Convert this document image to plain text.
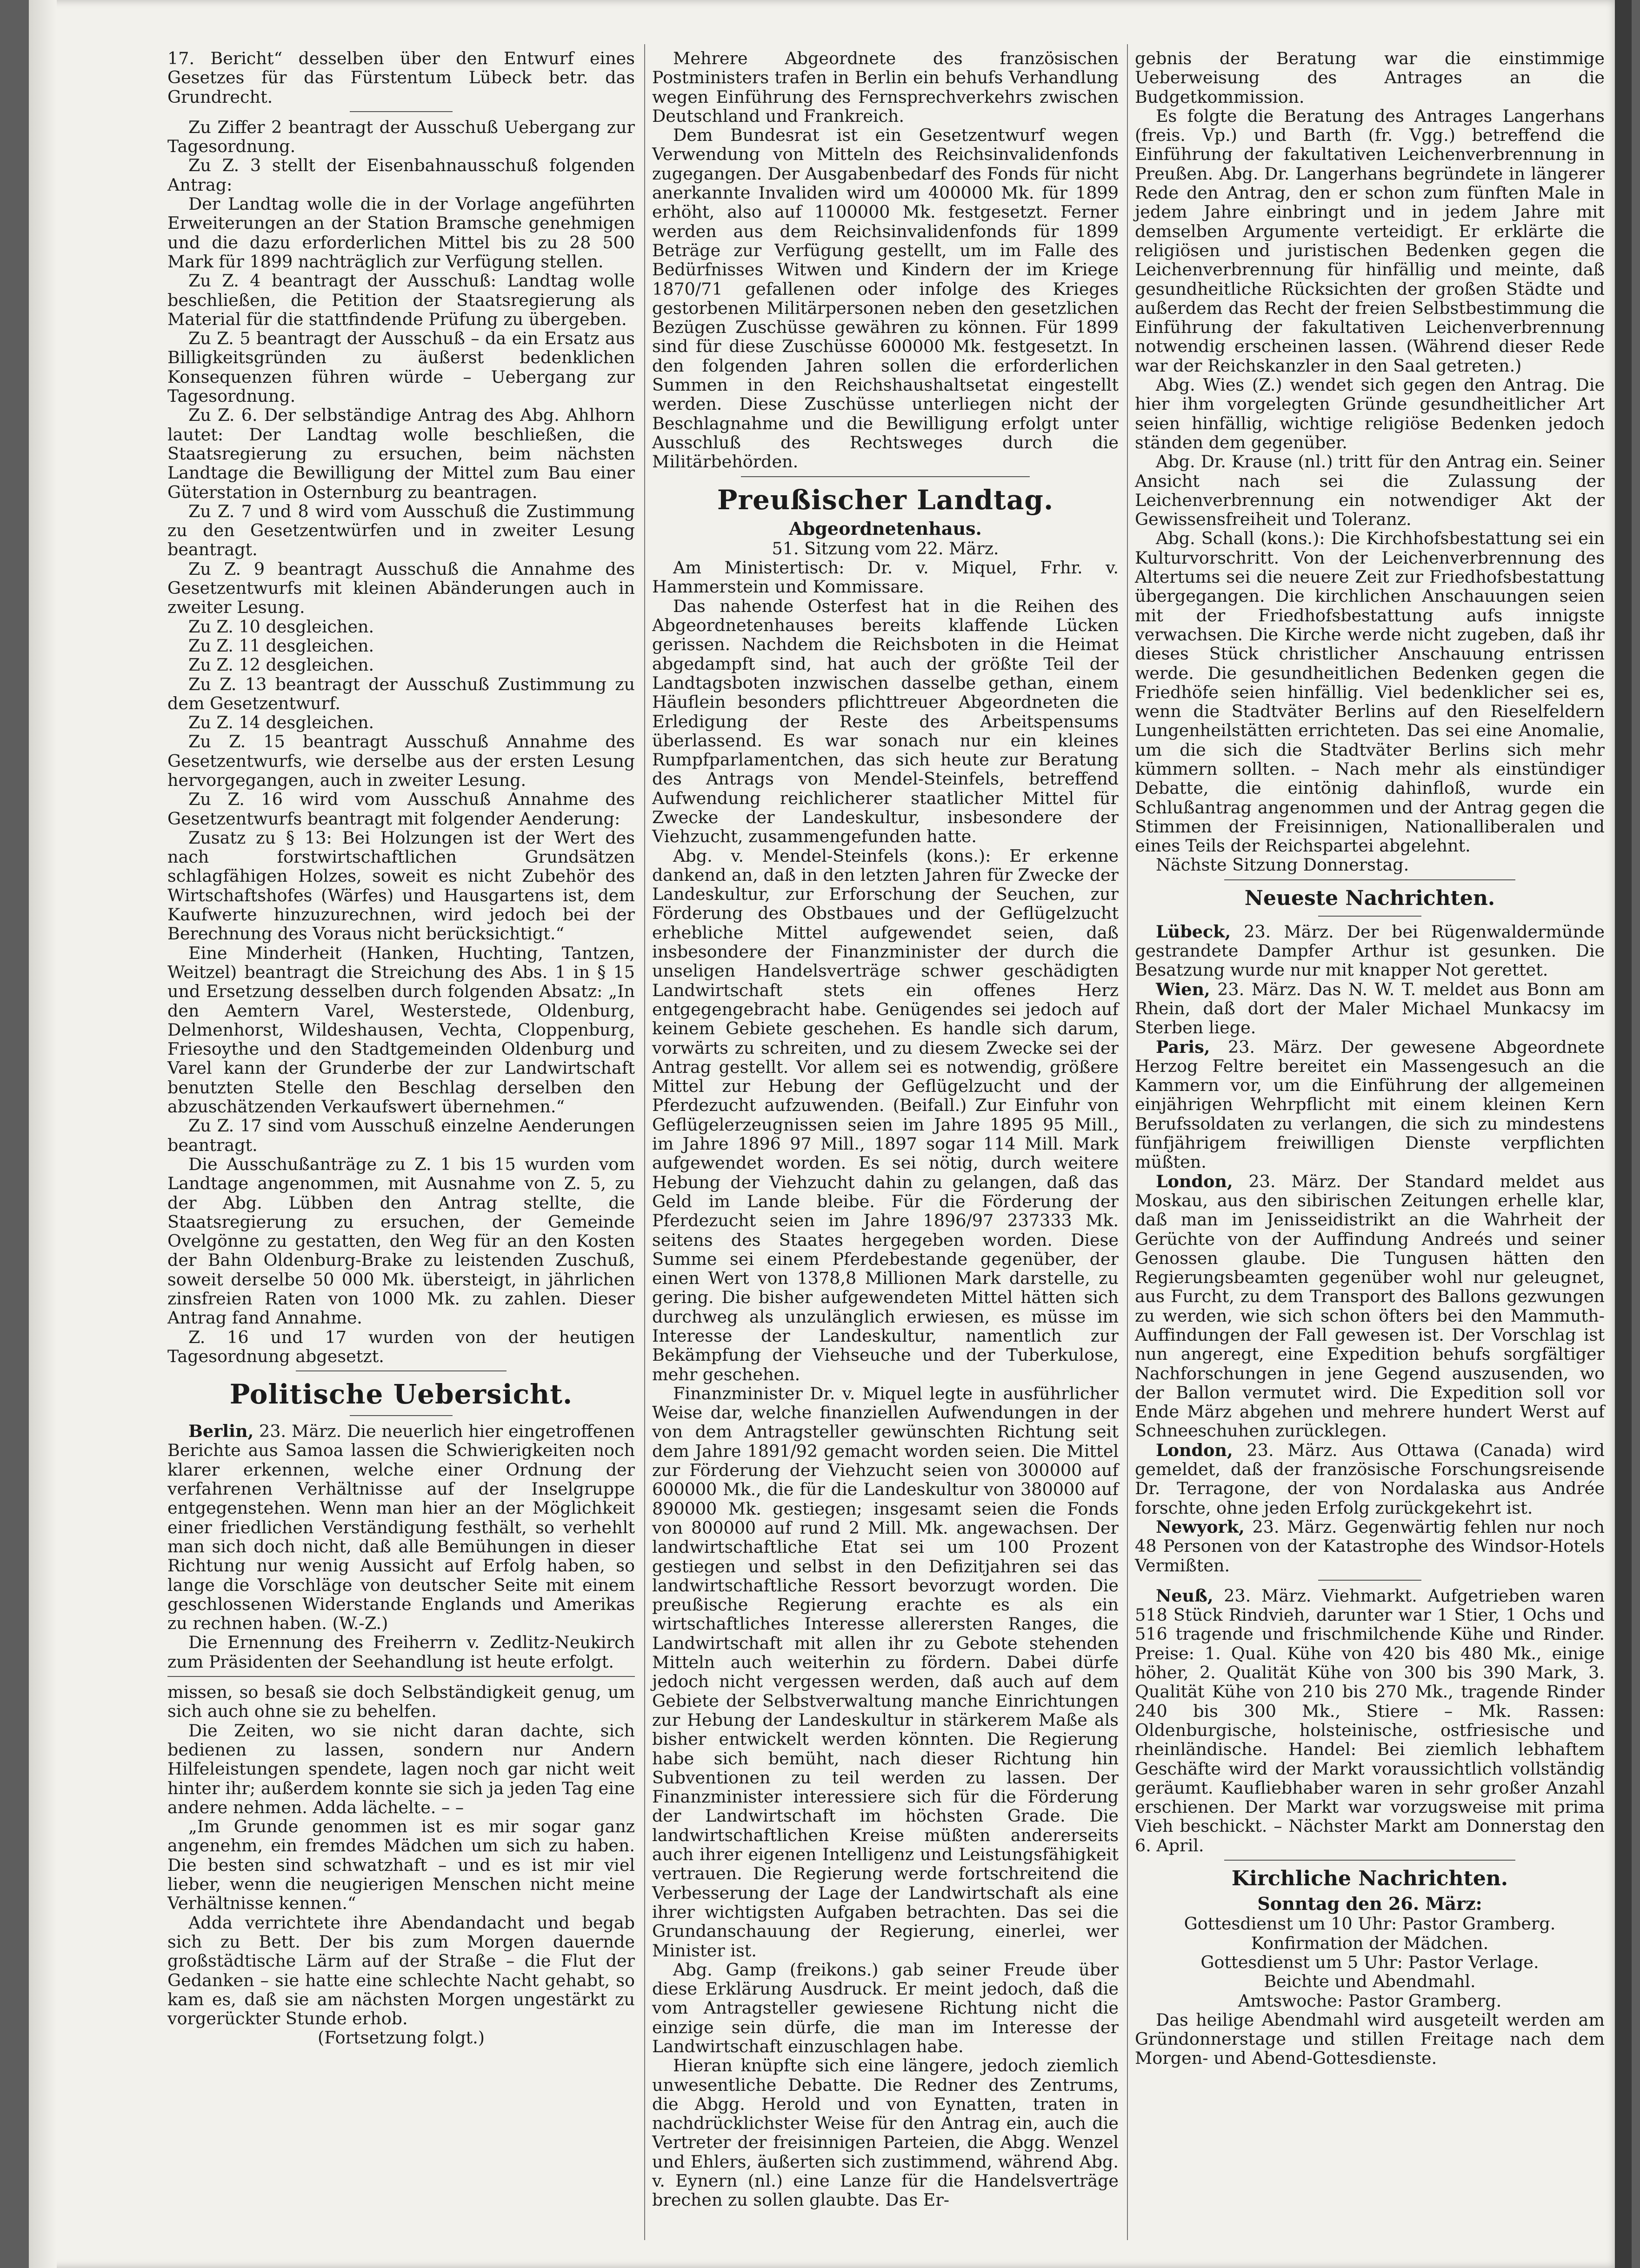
17. Bericht“ desselben über den Entwurf eines Gesetzes für das Fürstentum Lübeck betr. das Grundrecht.

Zu Ziffer 2 beantragt der Ausschuß Uebergang zur Tagesordnung.

Zu Z. 3 stellt der Eisenbahnausschuß folgenden Antrag:

Der Landtag wolle die in der Vorlage angeführten Erweiterungen an der Station Bramsche genehmigen und die dazu erforderlichen Mittel bis zu 28 500 Mark für 1899 nachträglich zur Verfügung stellen.

Zu Z. 4 beantragt der Ausschuß: Landtag wolle beschließen, die Petition der Staatsregierung als Material für die stattfindende Prüfung zu übergeben.

Zu Z. 5 beantragt der Ausschuß – da ein Ersatz aus Billigkeitsgründen zu äußerst bedenklichen Konsequenzen führen würde – Uebergang zur Tagesordnung.

Zu Z. 6. Der selbständige Antrag des Abg. Ahlhorn lautet: Der Landtag wolle beschließen, die Staatsregierung zu ersuchen, beim nächsten Landtage die Bewilligung der Mittel zum Bau einer Güterstation in Osternburg zu beantragen.

Zu Z. 7 und 8 wird vom Ausschuß die Zustimmung zu den Gesetzentwürfen und in zweiter Lesung beantragt.

Zu Z. 9 beantragt Ausschuß die Annahme des Gesetzentwurfs mit kleinen Abänderungen auch in zweiter Lesung.

Zu Z. 10 desgleichen.

Zu Z. 11 desgleichen.

Zu Z. 12 desgleichen.

Zu Z. 13 beantragt der Ausschuß Zustimmung zu dem Gesetzentwurf.

Zu Z. 14 desgleichen.

Zu Z. 15 beantragt Ausschuß Annahme des Gesetzentwurfs, wie derselbe aus der ersten Lesung hervorgegangen, auch in zweiter Lesung.

Zu Z. 16 wird vom Ausschuß Annahme des Gesetzentwurfs beantragt mit folgender Aenderung:

Zusatz zu § 13: Bei Holzungen ist der Wert des nach forstwirtschaftlichen Grundsätzen schlagfähigen Holzes, soweit es nicht Zubehör des Wirtschaftshofes (Wärfes) und Hausgartens ist, dem Kaufwerte hinzuzurechnen, wird jedoch bei der Berechnung des Voraus nicht berücksichtigt.“

Eine Minderheit (Hanken, Huchting, Tantzen, Weitzel) beantragt die Streichung des Abs. 1 in § 15 und Ersetzung desselben durch folgenden Absatz: „In den Aemtern Varel, Westerstede, Oldenburg, Delmenhorst, Wildeshausen, Vechta, Cloppenburg, Friesoythe und den Stadtgemeinden Oldenburg und Varel kann der Grunderbe der zur Landwirtschaft benutzten Stelle den Beschlag derselben den abzuschätzenden Verkaufswert übernehmen.“

Zu Z. 17 sind vom Ausschuß einzelne Aenderungen beantragt.

Die Ausschußanträge zu Z. 1 bis 15 wurden vom Landtage angenommen, mit Ausnahme von Z. 5, zu der Abg. Lübben den Antrag stellte, die Staatsregierung zu ersuchen, der Gemeinde Ovelgönne zu gestatten, den Weg für an den Kosten der Bahn Oldenburg-Brake zu leistenden Zuschuß, soweit derselbe 50 000 Mk. übersteigt, in jährlichen zinsfreien Raten von 1000 Mk. zu zahlen. Dieser Antrag fand Annahme.

Z. 16 und 17 wurden von der heutigen Tagesordnung abgesetzt.

Politische Uebersicht.

Berlin, 23. März. Die neuerlich hier eingetroffenen Berichte aus Samoa lassen die Schwierigkeiten noch klarer erkennen, welche einer Ordnung der verfahrenen Verhältnisse auf der Inselgruppe entgegenstehen. Wenn man hier an der Möglichkeit einer friedlichen Verständigung festhält, so verhehlt man sich doch nicht, daß alle Bemühungen in dieser Richtung nur wenig Aussicht auf Erfolg haben, so lange die Vorschläge von deutscher Seite mit einem geschlossenen Widerstande Englands und Amerikas zu rechnen haben. (W.-Z.)

Die Ernennung des Freiherrn v. Zedlitz-Neukirch zum Präsidenten der Seehandlung ist heute erfolgt.

missen, so besaß sie doch Selbständigkeit genug, um sich auch ohne sie zu behelfen.

Die Zeiten, wo sie nicht daran dachte, sich bedienen zu lassen, sondern nur Andern Hilfeleistungen spendete, lagen noch gar nicht weit hinter ihr; außerdem konnte sie sich ja jeden Tag eine andere nehmen. Adda lächelte. – –

„Im Grunde genommen ist es mir sogar ganz angenehm, ein fremdes Mädchen um sich zu haben. Die besten sind schwatzhaft – und es ist mir viel lieber, wenn die neugierigen Menschen nicht meine Verhältnisse kennen.“

Adda verrichtete ihre Abendandacht und begab sich zu Bett. Der bis zum Morgen dauernde großstädtische Lärm auf der Straße – die Flut der Gedanken – sie hatte eine schlechte Nacht gehabt, so kam es, daß sie am nächsten Morgen ungestärkt zu vorgerückter Stunde erhob.

(Fortsetzung folgt.)

Mehrere Abgeordnete des französischen Postministers trafen in Berlin ein behufs Verhandlung wegen Einführung des Fernsprechverkehrs zwischen Deutschland und Frankreich.

Dem Bundesrat ist ein Gesetzentwurf wegen Verwendung von Mitteln des Reichsinvalidenfonds zugegangen. Der Ausgabenbedarf des Fonds für nicht anerkannte Invaliden wird um 400000 Mk. für 1899 erhöht, also auf 1100000 Mk. festgesetzt. Ferner werden aus dem Reichsinvalidenfonds für 1899 Beträge zur Verfügung gestellt, um im Falle des Bedürfnisses Witwen und Kindern der im Kriege 1870/71 gefallenen oder infolge des Krieges gestorbenen Militärpersonen neben den gesetzlichen Bezügen Zuschüsse gewähren zu können. Für 1899 sind für diese Zuschüsse 600000 Mk. festgesetzt. In den folgenden Jahren sollen die erforderlichen Summen in den Reichshaushaltsetat eingestellt werden. Diese Zuschüsse unterliegen nicht der Beschlagnahme und die Bewilligung erfolgt unter Ausschluß des Rechtsweges durch die Militärbehörden.

Preußischer Landtag.
Abgeordnetenhaus.

51. Sitzung vom 22. März.

Am Ministertisch: Dr. v. Miquel, Frhr. v. Hammerstein und Kommissare.

Das nahende Osterfest hat in die Reihen des Abgeordnetenhauses bereits klaffende Lücken gerissen. Nachdem die Reichsboten in die Heimat abgedampft sind, hat auch der größte Teil der Landtagsboten inzwischen dasselbe gethan, einem Häuflein besonders pflichttreuer Abgeordneten die Erledigung der Reste des Arbeitspensums überlassend. Es war sonach nur ein kleines Rumpfparlamentchen, das sich heute zur Beratung des Antrags von Mendel-Steinfels, betreffend Aufwendung reichlicherer staatlicher Mittel für Zwecke der Landeskultur, insbesondere der Viehzucht, zusammengefunden hatte.

Abg. v. Mendel-Steinfels (kons.): Er erkenne dankend an, daß in den letzten Jahren für Zwecke der Landeskultur, zur Erforschung der Seuchen, zur Förderung des Obstbaues und der Geflügelzucht erhebliche Mittel aufgewendet seien, daß insbesondere der Finanzminister der durch die unseligen Handelsverträge schwer geschädigten Landwirtschaft stets ein offenes Herz entgegengebracht habe. Genügendes sei jedoch auf keinem Gebiete geschehen. Es handle sich darum, vorwärts zu schreiten, und zu diesem Zwecke sei der Antrag gestellt. Vor allem sei es notwendig, größere Mittel zur Hebung der Geflügelzucht und der Pferdezucht aufzuwenden. (Beifall.) Zur Einfuhr von Geflügelerzeugnissen seien im Jahre 1895 95 Mill., im Jahre 1896 97 Mill., 1897 sogar 114 Mill. Mark aufgewendet worden. Es sei nötig, durch weitere Hebung der Viehzucht dahin zu gelangen, daß das Geld im Lande bleibe. Für die Förderung der Pferdezucht seien im Jahre 1896/97 237333 Mk. seitens des Staates hergegeben worden. Diese Summe sei einem Pferdebestande gegenüber, der einen Wert von 1378,8 Millionen Mark darstelle, zu gering. Die bisher aufgewendeten Mittel hätten sich durchweg als unzulänglich erwiesen, es müsse im Interesse der Landeskultur, namentlich zur Bekämpfung der Viehseuche und der Tuberkulose, mehr geschehen.

Finanzminister Dr. v. Miquel legte in ausführlicher Weise dar, welche finanziellen Aufwendungen in der von dem Antragsteller gewünschten Richtung seit dem Jahre 1891/92 gemacht worden seien. Die Mittel zur Förderung der Viehzucht seien von 300000 auf 600000 Mk., die für die Landeskultur von 380000 auf 890000 Mk. gestiegen; insgesamt seien die Fonds von 800000 auf rund 2 Mill. Mk. angewachsen. Der landwirtschaftliche Etat sei um 100 Prozent gestiegen und selbst in den Defizitjahren sei das landwirtschaftliche Ressort bevorzugt worden. Die preußische Regierung erachte es als ein wirtschaftliches Interesse allerersten Ranges, die Landwirtschaft mit allen ihr zu Gebote stehenden Mitteln auch weiterhin zu fördern. Dabei dürfe jedoch nicht vergessen werden, daß auch auf dem Gebiete der Selbstverwaltung manche Einrichtungen zur Hebung der Landeskultur in stärkerem Maße als bisher entwickelt werden könnten. Die Regierung habe sich bemüht, nach dieser Richtung hin Subventionen zu teil werden zu lassen. Der Finanzminister interessiere sich für die Förderung der Landwirtschaft im höchsten Grade. Die landwirtschaftlichen Kreise müßten andererseits auch ihrer eigenen Intelligenz und Leistungsfähigkeit vertrauen. Die Regierung werde fortschreitend die Verbesserung der Lage der Landwirtschaft als eine ihrer wichtigsten Aufgaben betrachten. Das sei die Grundanschauung der Regierung, einerlei, wer Minister ist.

Abg. Gamp (freikons.) gab seiner Freude über diese Erklärung Ausdruck. Er meint jedoch, daß die vom Antragsteller gewiesene Richtung nicht die einzige sein dürfe, die man im Interesse der Landwirtschaft einzuschlagen habe.

Hieran knüpfte sich eine längere, jedoch ziemlich unwesentliche Debatte. Die Redner des Zentrums, die Abgg. Herold und von Eynatten, traten in nachdrücklichster Weise für den Antrag ein, auch die Vertreter der freisinnigen Parteien, die Abgg. Wenzel und Ehlers, äußerten sich zustimmend, während Abg. v. Eynern (nl.) eine Lanze für die Handelsverträge brechen zu sollen glaubte. Das Er-

gebnis der Beratung war die einstimmige Ueberweisung des Antrages an die Budgetkommission.

Es folgte die Beratung des Antrages Langerhans (freis. Vp.) und Barth (fr. Vgg.) betreffend die Einführung der fakultativen Leichenverbrennung in Preußen. Abg. Dr. Langerhans begründete in längerer Rede den Antrag, den er schon zum fünften Male in jedem Jahre einbringt und in jedem Jahre mit demselben Argumente verteidigt. Er erklärte die religiösen und juristischen Bedenken gegen die Leichenverbrennung für hinfällig und meinte, daß gesundheitliche Rücksichten der großen Städte und außerdem das Recht der freien Selbstbestimmung die Einführung der fakultativen Leichenverbrennung notwendig erscheinen lassen. (Während dieser Rede war der Reichskanzler in den Saal getreten.)

Abg. Wies (Z.) wendet sich gegen den Antrag. Die hier ihm vorgelegten Gründe gesundheitlicher Art seien hinfällig, wichtige religiöse Bedenken jedoch ständen dem gegenüber.

Abg. Dr. Krause (nl.) tritt für den Antrag ein. Seiner Ansicht nach sei die Zulassung der Leichenverbrennung ein notwendiger Akt der Gewissensfreiheit und Toleranz.

Abg. Schall (kons.): Die Kirchhofsbestattung sei ein Kulturvorschritt. Von der Leichenverbrennung des Altertums sei die neuere Zeit zur Friedhofsbestattung übergegangen. Die kirchlichen Anschauungen seien mit der Friedhofsbestattung aufs innigste verwachsen. Die Kirche werde nicht zugeben, daß ihr dieses Stück christlicher Anschauung entrissen werde. Die gesundheitlichen Bedenken gegen die Friedhöfe seien hinfällig. Viel bedenklicher sei es, wenn die Stadtväter Berlins auf den Rieselfeldern Lungenheilstätten errichteten. Das sei eine Anomalie, um die sich die Stadtväter Berlins sich mehr kümmern sollten. – Nach mehr als einstündiger Debatte, die eintönig dahinfloß, wurde ein Schlußantrag angenommen und der Antrag gegen die Stimmen der Freisinnigen, Nationalliberalen und eines Teils der Reichspartei abgelehnt.

Nächste Sitzung Donnerstag.

Neueste Nachrichten.

Lübeck, 23. März. Der bei Rügenwaldermünde gestrandete Dampfer Arthur ist gesunken. Die Besatzung wurde nur mit knapper Not gerettet.

Wien, 23. März. Das N. W. T. meldet aus Bonn am Rhein, daß dort der Maler Michael Munkacsy im Sterben liege.

Paris, 23. März. Der gewesene Abgeordnete Herzog Feltre bereitet ein Massengesuch an die Kammern vor, um die Einführung der allgemeinen einjährigen Wehrpflicht mit einem kleinen Kern Berufssoldaten zu verlangen, die sich zu mindestens fünfjährigem freiwilligen Dienste verpflichten müßten.

London, 23. März. Der Standard meldet aus Moskau, aus den sibirischen Zeitungen erhelle klar, daß man im Jenisseidistrikt an die Wahrheit der Gerüchte von der Auffindung Andreés und seiner Genossen glaube. Die Tungusen hätten den Regierungsbeamten gegenüber wohl nur geleugnet, aus Furcht, zu dem Transport des Ballons gezwungen zu werden, wie sich schon öfters bei den Mammuth-Auffindungen der Fall gewesen ist. Der Vorschlag ist nun angeregt, eine Expedition behufs sorgfältiger Nachforschungen in jene Gegend auszusenden, wo der Ballon vermutet wird. Die Expedition soll vor Ende März abgehen und mehrere hundert Werst auf Schneeschuhen zurücklegen.

London, 23. März. Aus Ottawa (Canada) wird gemeldet, daß der französische Forschungsreisende Dr. Terragone, der von Nordalaska aus Andrée forschte, ohne jeden Erfolg zurückgekehrt ist.

Newyork, 23. März. Gegenwärtig fehlen nur noch 48 Personen von der Katastrophe des Windsor-Hotels Vermißten.

Neuß, 23. März. Viehmarkt. Aufgetrieben waren 518 Stück Rindvieh, darunter war 1 Stier, 1 Ochs und 516 tragende und frischmilchende Kühe und Rinder. Preise: 1. Qual. Kühe von 420 bis 480 Mk., einige höher, 2. Qualität Kühe von 300 bis 390 Mark, 3. Qualität Kühe von 210 bis 270 Mk., tragende Rinder 240 bis 300 Mk., Stiere – Mk. Rassen: Oldenburgische, holsteinische, ostfriesische und rheinländische. Handel: Bei ziemlich lebhaftem Geschäfte wird der Markt voraussichtlich vollständig geräumt. Kaufliebhaber waren in sehr großer Anzahl erschienen. Der Markt war vorzugsweise mit prima Vieh beschickt. – Nächster Markt am Donnerstag den 6. April.

Kirchliche Nachrichten.
Sonntag den 26. März:

Gottesdienst um 10 Uhr: Pastor Gramberg.

Konfirmation der Mädchen.

Gottesdienst um 5 Uhr: Pastor Verlage.

Beichte und Abendmahl.

Amtswoche: Pastor Gramberg.

Das heilige Abendmahl wird ausgeteilt werden am Gründonnerstage und stillen Freitage nach dem Morgen- und Abend-Gottesdienste.
